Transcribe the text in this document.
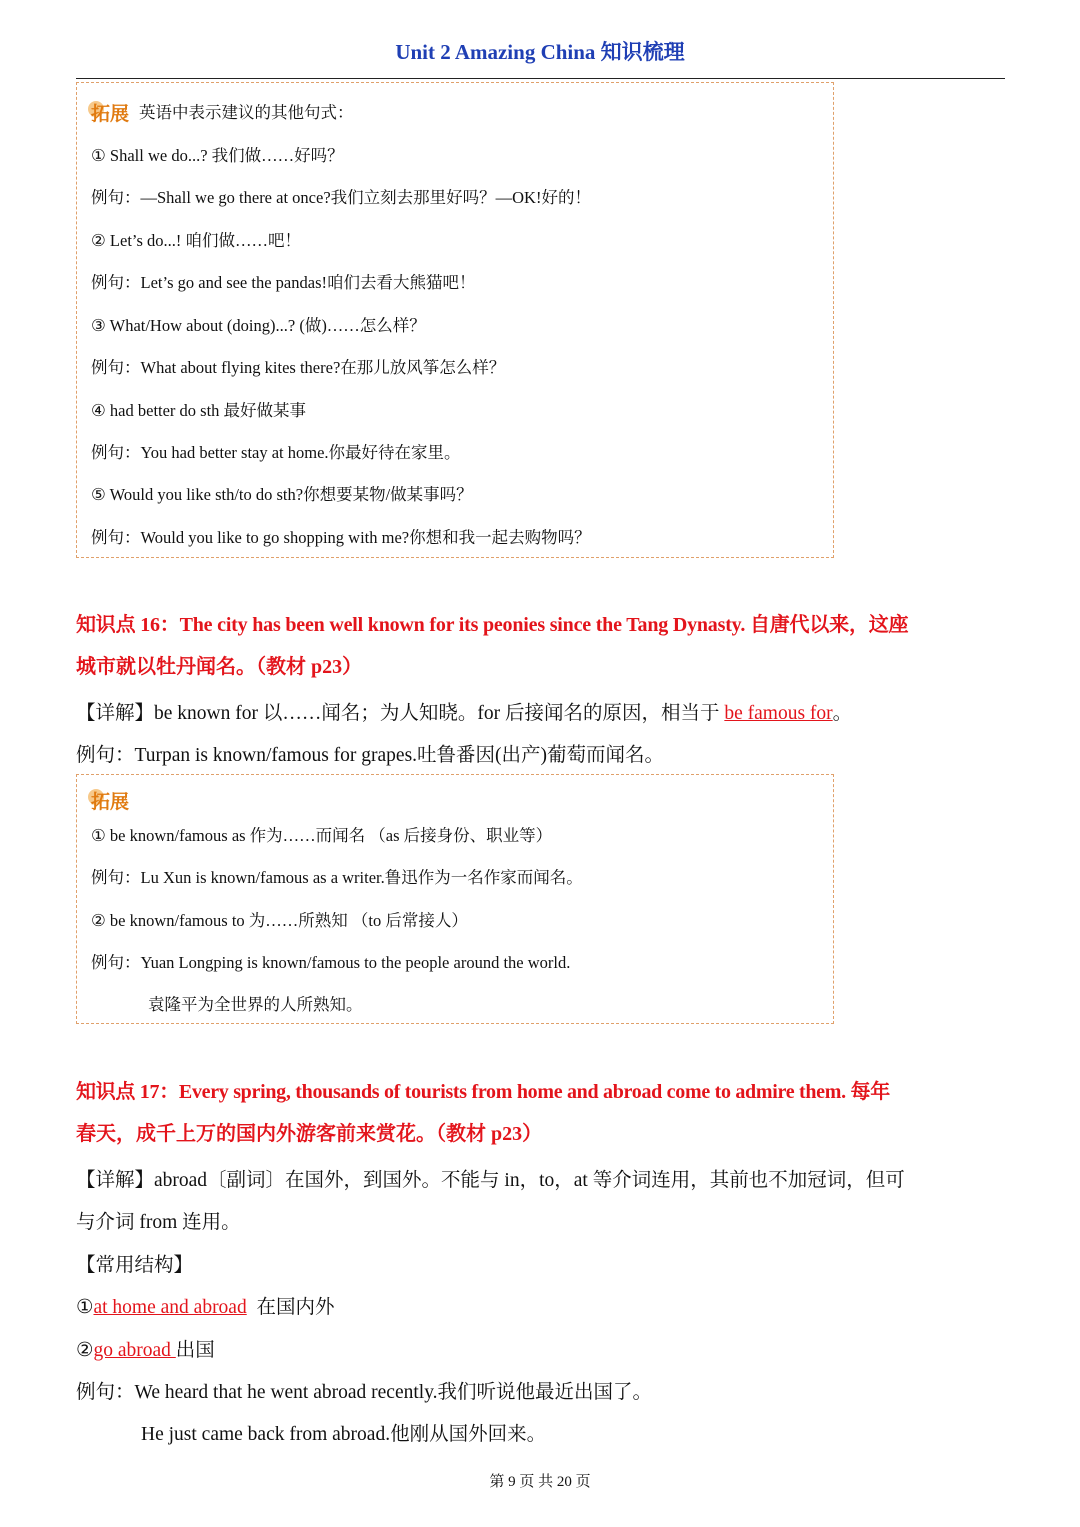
Unit 2 Amazing China 知识梳理
拓展 英语中表示建议的其他句式：
① Shall we do...? 我们做……好吗？
例句：—Shall we go there at once?我们立刻去那里好吗？—OK!好的！
② Let’s do...! 咱们做……吧！
例句：Let’s go and see the pandas!咱们去看大熊猫吧！
③ What/How about (doing)...? (做)……怎么样？
例句：What about flying kites there?在那儿放风筝怎么样？
④ had better do sth 最好做某事
例句：You had better stay at home.你最好待在家里。
⑤ Would you like sth/to do sth?你想要某物/做某事吗？
例句：Would you like to go shopping with me?你想和我一起去购物吗？
知识点 16：The city has been well known for its peonies since the Tang Dynasty. 自唐代以来，这座
城市就以牡丹闻名。（教材 p23）
【详解】be known for 以……闻名；为人知晓。for 后接闻名的原因，相当于 be famous for。
例句：Turpan is known/famous for grapes.吐鲁番因(出产)葡萄而闻名。
拓展
① be known/famous as 作为……而闻名 （as 后接身份、职业等）
例句：Lu Xun is known/famous as a writer.鲁迅作为一名作家而闻名。
② be known/famous to 为……所熟知 （to 后常接人）
例句：Yuan Longping is known/famous to the people around the world.
袁隆平为全世界的人所熟知。
知识点 17：Every spring, thousands of tourists from home and abroad come to admire them. 每年
春天，成千上万的国内外游客前来赏花。（教材 p23）
【详解】abroad〔副词〕在国外，到国外。不能与 in，to，at 等介词连用，其前也不加冠词，但可
与介词 from 连用。
【常用结构】
①at home and abroad  在国内外
②go abroad 出国
例句：We heard that he went abroad recently.我们听说他最近出国了。
He just came back from abroad.他刚从国外回来。
第 9 页 共 20 页
